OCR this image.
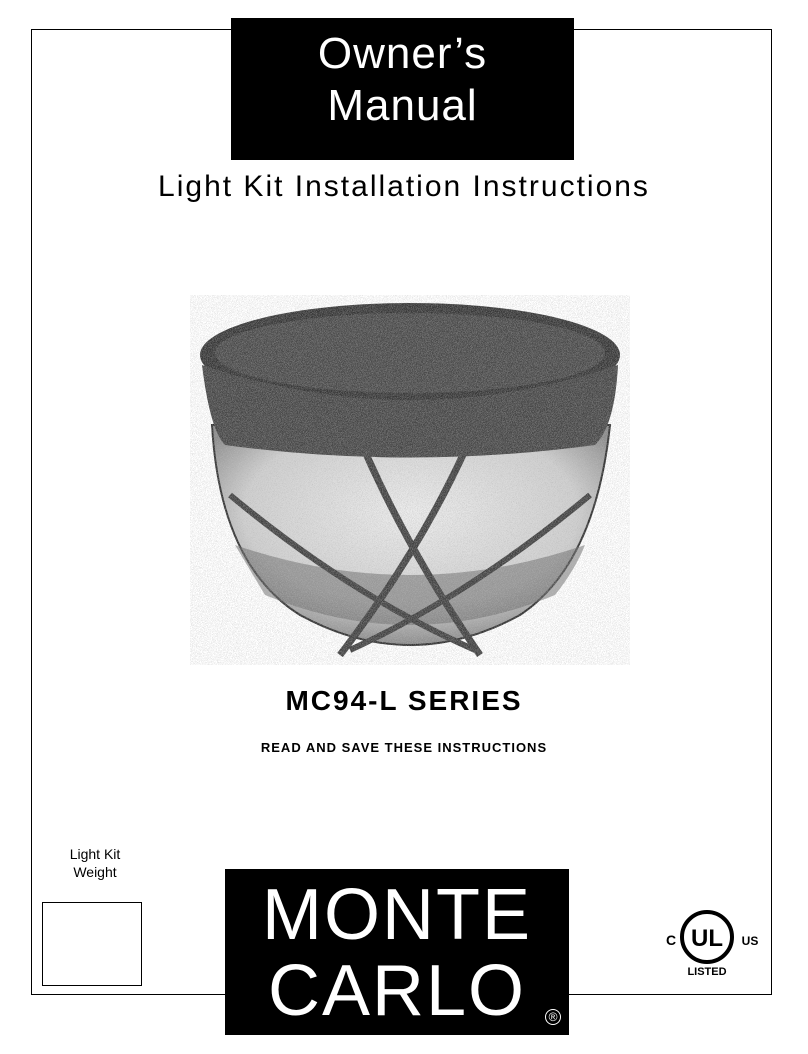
Owner’s
Manual
Light Kit Installation Instructions
MC94-L SERIES
READ AND SAVE THESE INSTRUCTIONS
Light Kit
Weight
MONTE
CARLO	®
UL
C	US
LISTED
